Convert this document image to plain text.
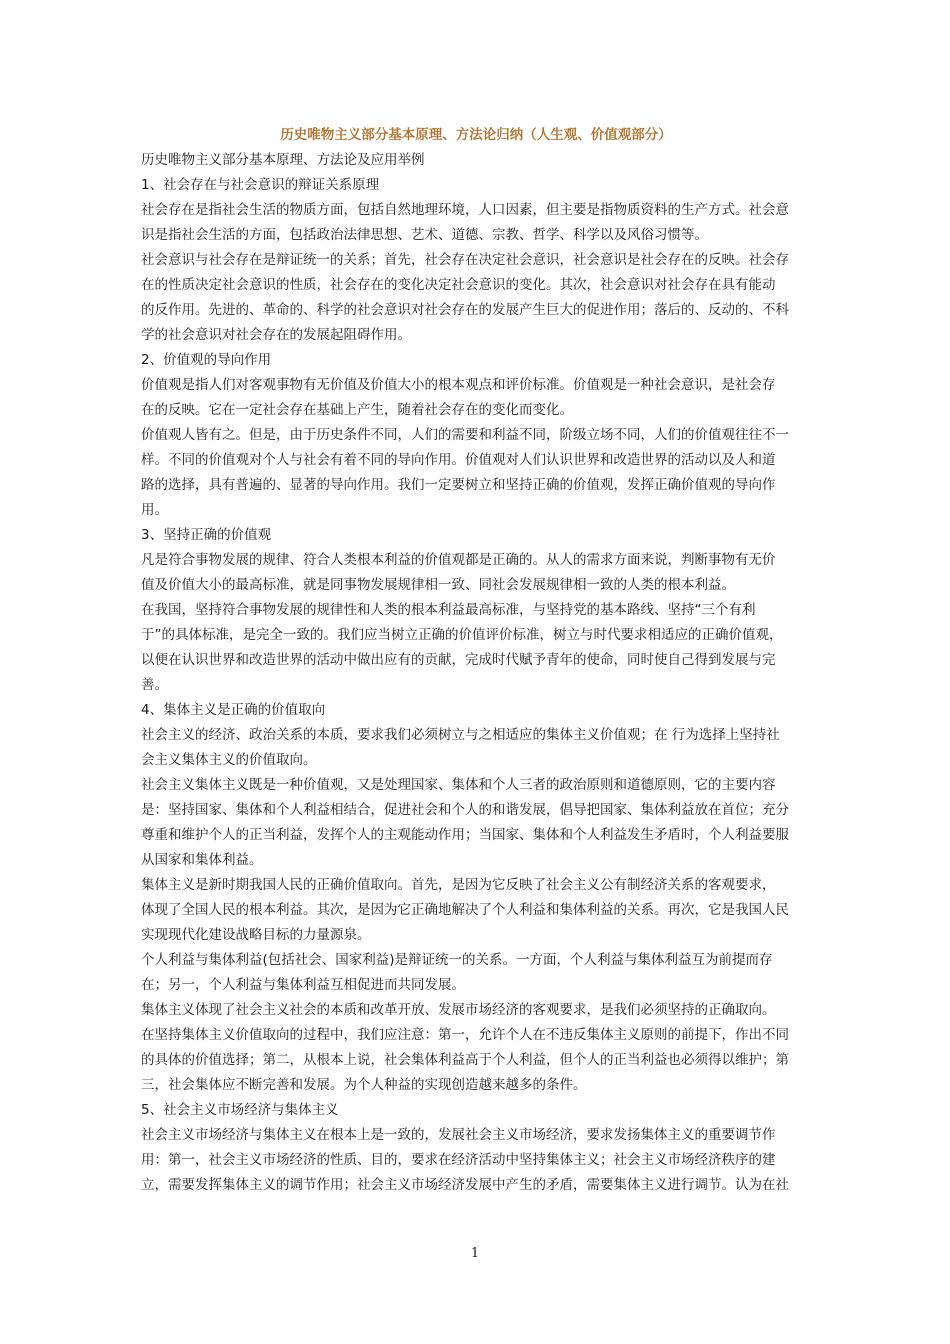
历史唯物主义部分基本原理、方法论归纳（人生观、价值观部分）

历史唯物主义部分基本原理、方法论及应用举例

1、社会存在与社会意识的辩证关系原理

社会存在是指社会生活的物质方面，包括自然地理环境，人口因素，但主要是指物质资料的生产方式。社会意

识是指社会生活的方面，包括政治法律思想、艺术、道德、宗教、哲学、科学以及风俗习惯等。

社会意识与社会存在是辩证统一的关系；首先，社会存在决定社会意识，社会意识是社会存在的反映。社会存

在的性质决定社会意识的性质，社会存在的变化决定社会意识的变化。其次，社会意识对社会存在具有能动

的反作用。先进的、革命的、科学的社会意识对社会存在的发展产生巨大的促进作用；落后的、反动的、不科

学的社会意识对社会存在的发展起阻碍作用。

2、价值观的导向作用

价值观是指人们对客观事物有无价值及价值大小的根本观点和评价标准。价值观是一种社会意识，是社会存

在的反映。它在一定社会存在基础上产生，随着社会存在的变化而变化。

价值观人皆有之。但是，由于历史条件不同，人们的需要和利益不同，阶级立场不同，人们的价值观往往不一

样。不同的价值观对个人与社会有着不同的导向作用。价值观对人们认识世界和改造世界的活动以及人和道

路的选择，具有普遍的、显著的导向作用。我们一定要树立和坚持正确的价值观，发挥正确价值观的导向作

用。

3、坚持正确的价值观

凡是符合事物发展的规律、符合人类根本利益的价值观都是正确的。从人的需求方面来说，判断事物有无价

值及价值大小的最高标准，就是同事物发展规律相一致、同社会发展规律相一致的人类的根本利益。

在我国，坚持符合事物发展的规律性和人类的根本利益最高标准，与坚持党的基本路线、坚持“三个有利

于”的具体标准，是完全一致的。我们应当树立正确的价值评价标准，树立与时代要求相适应的正确价值观，

以便在认识世界和改造世界的活动中做出应有的贡献，完成时代赋予青年的使命，同时使自己得到发展与完

善。

4、集体主义是正确的价值取向

社会主义的经济、政治关系的本质，要求我们必须树立与之相适应的集体主义价值观；在 行为选择上坚持社

会主义集体主义的价值取向。

社会主义集体主义既是一种价值观，又是处理国家、集体和个人三者的政治原则和道德原则，它的主要内容

是：坚持国家、集体和个人利益相结合，促进社会和个人的和谐发展，倡导把国家、集体利益放在首位；充分

尊重和维护个人的正当利益，发挥个人的主观能动作用；当国家、集体和个人利益发生矛盾时，个人利益要服

从国家和集体利益。

集体主义是新时期我国人民的正确价值取向。首先，是因为它反映了社会主义公有制经济关系的客观要求，

体现了全国人民的根本利益。其次，是因为它正确地解决了个人利益和集体利益的关系。再次，它是我国人民

实现现代化建设战略目标的力量源泉。

个人利益与集体利益(包括社会、国家利益)是辩证统一的关系。一方面，个人利益与集体利益互为前提而存

在；另一，个人利益与集体利益互相促进而共同发展。

集体主义体现了社会主义社会的本质和改革开放、发展市场经济的客观要求，是我们必须坚持的正确取向。

在坚持集体主义价值取向的过程中，我们应注意：第一，允许个人在不违反集体主义原则的前提下，作出不同

的具体的价值选择；第二，从根本上说，社会集体利益高于个人利益，但个人的正当利益也必须得以维护；第

三，社会集体应不断完善和发展。为个人种益的实现创造越来越多的条件。

5、社会主义市场经济与集体主义

社会主义市场经济与集体主义在根本上是一致的，发展社会主义市场经济，要求发扬集体主义的重要调节作

用：第一，社会主义市场经济的性质、目的，要求在经济活动中坚持集体主义；社会主义市场经济秩序的建

立，需要发挥集体主义的调节作用；社会主义市场经济发展中产生的矛盾，需要集体主义进行调节。认为在社

1
